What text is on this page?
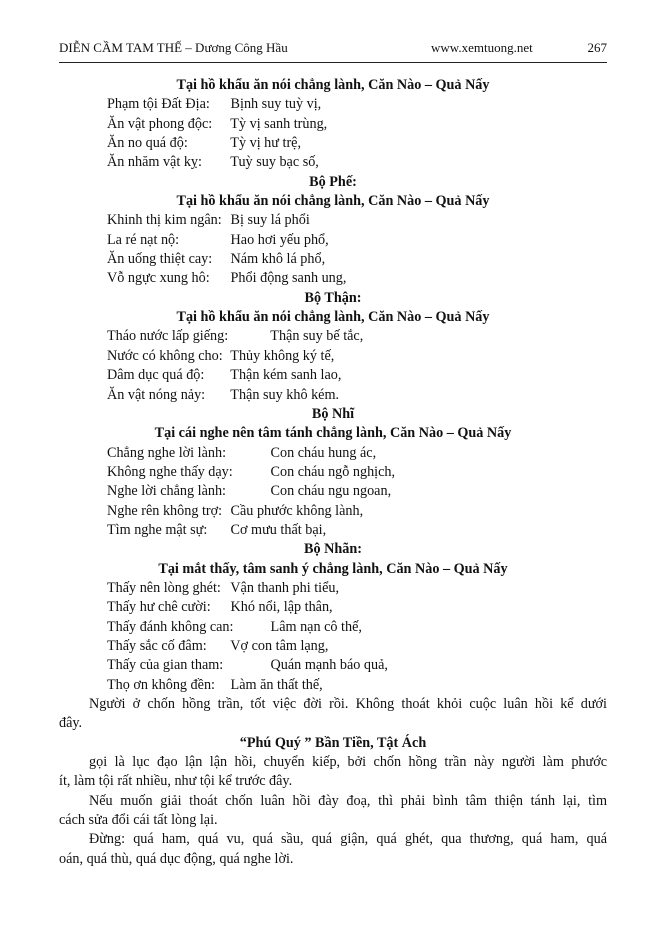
DIỄN CẦM TAM THẾ – Dương Công Hầu	www.xemtuong.net	267
Tại hồ khẩu ăn nói chẳng lành, Căn Nào – Quả Nấy
Phạm tội Đất Địa: Bịnh suy tuỳ vị,
Ăn vật phong độc: Tỳ vị sanh trùng,
Ăn no quá độ:	Tỳ vị hư trệ,
Ăn nhăm vật kỵ: Tuỳ suy bạc số,
Bộ Phế:
Tại hồ khẩu ăn nói chẳng lành, Căn Nào – Quả Nấy
Khinh thị kim ngân: Bị suy lá phổi
La ré nạt nộ:	Hao hơi yếu phổ,
Ăn uống thiệt cay: Nám khô lá phổ,
Vỗ ngực xung hô: Phổi động sanh ung,
Bộ Thận:
Tại hồ khẩu ăn nói chẳng lành, Căn Nào – Quả Nấy
Tháo nước lấp giếng:	Thận suy bế tắc,
Nước có không cho: Thủy không ký tế,
Dâm dục quá độ: Thận kém sanh lao,
Ăn vật nóng nảy: Thận suy khô kém.
Bộ Nhĩ
Tại cái nghe nên tâm tánh chẳng lành, Căn Nào – Quả Nấy
Chẳng nghe lời lành:	Con cháu hung ác,
Không nghe thấy dạy:	Con cháu ngỗ nghịch,
Nghe lời chẳng lành:	Con cháu ngu ngoan,
Nghe rên không trợ: Cầu phước không lành,
Tìm nghe mật sự: Cơ mưu thất bại,
Bộ Nhãn:
Tại mắt thấy, tâm sanh ý chẳng lành, Căn Nào – Quả Nấy
Thấy nên lòng ghét: Vận thanh phi tiểu,
Thấy hư chê cười: Khó nổi, lập thân,
Thấy đánh không can:	Lâm nạn cô thế,
Thấy sắc cố đâm: Vợ con tâm lạng,
Thấy của gian tham:	Quán mạnh báo quả,
Thọ ơn không đền: Làm ăn thất thế,
Người ở chốn hồng trần, tốt việc đời rồi. Không thoát khỏi cuộc luân hồi kể dưới
đây.
“Phú Quý ” Bần Tiền, Tật Ách
gọi là lục đạo lận lận hồi, chuyển kiếp, bởi chốn hồng trần này người làm phước
ít, làm tội rất nhiều, như tội kể trước đây.
Nếu muốn giải thoát chốn luân hồi đày đoạ, thì phải bình tâm thiện tánh lại, tìm
cách sửa đổi cái tất lòng lại.
Đừng: quá ham, quá vu, quá sầu, quá giận, quá ghét, qua thương, quá ham, quá
oán, quá thù, quá dục động, quá nghe lời.
